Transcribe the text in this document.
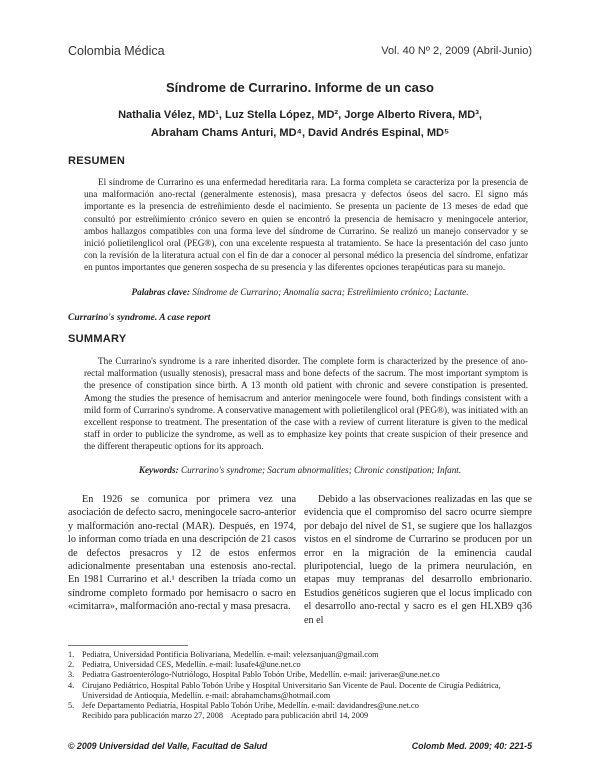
Colombia Médica	Vol. 40 Nº 2, 2009 (Abril-Junio)
Síndrome de Currarino. Informe de un caso
Nathalia Vélez, MD¹, Luz Stella López, MD², Jorge Alberto Rivera, MD³,
Abraham Chams Anturi, MD⁴, David Andrés Espinal, MD⁵
RESUMEN

El síndrome de Currarino es una enfermedad hereditaria rara. La forma completa se caracteriza por la presencia de una malformación ano-rectal (generalmente estenosis), masa presacra y defectos óseos del sacro. El signo más importante es la presencia de estreñimiento desde el nacimiento. Se presenta un paciente de 13 meses de edad que consultó por estreñimiento crónico severo en quien se encontró la presencia de hemisacro y meningocele anterior, ambos hallazgos compatibles con una forma leve del síndrome de Currarino. Se realizó un manejo conservador y se inició polietilenglicol oral (PEG®), con una excelente respuesta al tratamiento. Se hace la presentación del caso junto con la revisión de la literatura actual con el fin de dar a conocer al personal médico la presencia del síndrome, enfatizar en puntos importantes que generen sospecha de su presencia y las diferentes opciones terapéuticas para su manejo.

Palabras clave: Síndrome de Currarino; Anomalía sacra; Estreñimiento crónico; Lactante.
Currarino's syndrome. A case report
SUMMARY

The Currarino's syndrome is a rare inherited disorder. The complete form is characterized by the presence of ano-rectal malformation (usually stenosis), presacral mass and bone defects of the sacrum. The most important symptom is the presence of constipation since birth. A 13 month old patient with chronic and severe constipation is presented. Among the studies the presence of hemisacrum and anterior meningocele were found, both findings consistent with a mild form of Currarino's syndrome. A conservative management with polietilenglicol oral (PEG®), was initiated with an excellent response to treatment. The presentation of the case with a review of current literature is given to the medical staff in order to publicize the syndrome, as well as to emphasize key points that create suspicion of their presence and the different therapeutic options for its approach.

Keywords: Currarino's syndrome; Sacrum abnormalities; Chronic constipation; Infant.

En 1926 se comunica por primera vez una asociación de defecto sacro, meningocele sacro-anterior y malformación ano-rectal (MAR). Después, en 1974, lo informan como tríada en una descripción de 21 casos de defectos presacros y 12 de estos enfermos adicionalmente presentaban una estenosis ano-rectal. En 1981 Currarino et al.¹ describen la tríada como un síndrome completo formado por hemisacro o sacro en «cimitarra», malformación ano-rectal y masa presacra.

Debido a las observaciones realizadas en las que se evidencia que el compromiso del sacro ocurre siempre por debajo del nivel de S1, se sugiere que los hallazgos vistos en el síndrome de Currarino se producen por un error en la migración de la eminencia caudal pluripotencial, luego de la primera neurulación, en etapas muy tempranas del desarrollo embrionario. Estudios genéticos sugieren que el locus implicado con el desarrollo ano-rectal y sacro es el gen HLXB9 q36 en el

1. Pediatra, Universidad Pontificia Bolivariana, Medellín. e-mail: velezsanjuan@gmail.com
2. Pediatra, Universidad CES, Medellín. e-mail: lusafe4@une.net.co
3. Pediatra Gastroenterólogo-Nutriólogo, Hospital Pablo Tobón Uribe, Medellín. e-mail: jariverae@une.net.co
4. Cirujano Pediátrico, Hospital Pablo Tobón Uribe y Hospital Universitario San Vicente de Paul. Docente de Cirugía Pediátrica, Universidad de Antioquia, Medellín. e-mail: abrahamchams@hotmail.com
5. Jefe Departamento Pediatría, Hospital Pablo Tobón Uribe, Medellín. e-mail: davidandres@une.net.co
Recibido para publicación marzo 27, 2008    Aceptado para publicación abril 14, 2009
© 2009 Universidad del Valle, Facultad de Salud	Colomb Med. 2009; 40: 221-5
